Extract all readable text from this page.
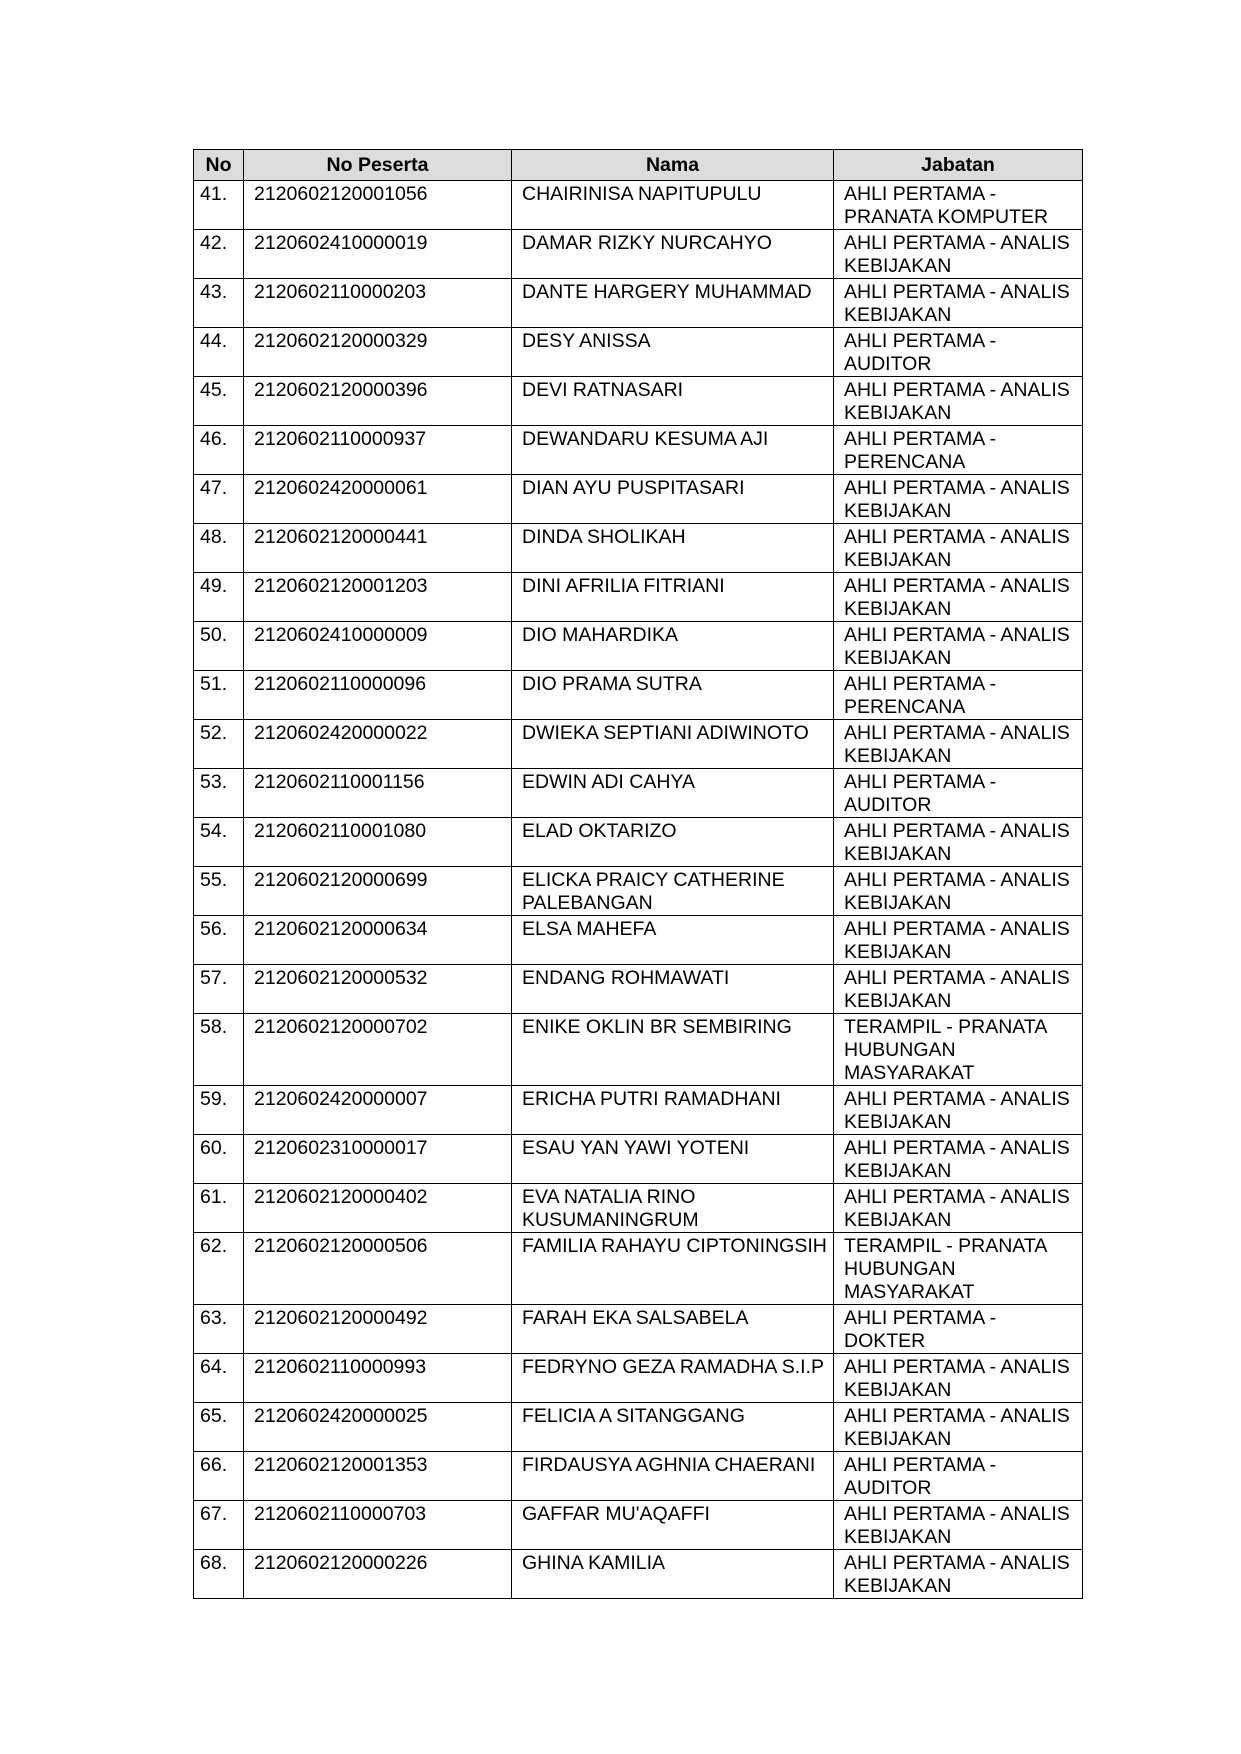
No	No Peserta	Nama	Jabatan
41.	2120602120001056	CHAIRINISA NAPITUPULU	AHLI PERTAMA - PRANATA KOMPUTER
42.	2120602410000019	DAMAR RIZKY NURCAHYO	AHLI PERTAMA - ANALIS KEBIJAKAN
43.	2120602110000203	DANTE HARGERY MUHAMMAD	AHLI PERTAMA - ANALIS KEBIJAKAN
44.	2120602120000329	DESY ANISSA	AHLI PERTAMA - AUDITOR
45.	2120602120000396	DEVI RATNASARI	AHLI PERTAMA - ANALIS KEBIJAKAN
46.	2120602110000937	DEWANDARU KESUMA AJI	AHLI PERTAMA - PERENCANA
47.	2120602420000061	DIAN AYU PUSPITASARI	AHLI PERTAMA - ANALIS KEBIJAKAN
48.	2120602120000441	DINDA SHOLIKAH	AHLI PERTAMA - ANALIS KEBIJAKAN
49.	2120602120001203	DINI AFRILIA FITRIANI	AHLI PERTAMA - ANALIS KEBIJAKAN
50.	2120602410000009	DIO MAHARDIKA	AHLI PERTAMA - ANALIS KEBIJAKAN
51.	2120602110000096	DIO PRAMA SUTRA	AHLI PERTAMA - PERENCANA
52.	2120602420000022	DWIEKA SEPTIANI ADIWINOTO	AHLI PERTAMA - ANALIS KEBIJAKAN
53.	2120602110001156	EDWIN ADI CAHYA	AHLI PERTAMA - AUDITOR
54.	2120602110001080	ELAD OKTARIZO	AHLI PERTAMA - ANALIS KEBIJAKAN
55.	2120602120000699	ELICKA PRAICY CATHERINE PALEBANGAN	AHLI PERTAMA - ANALIS KEBIJAKAN
56.	2120602120000634	ELSA MAHEFA	AHLI PERTAMA - ANALIS KEBIJAKAN
57.	2120602120000532	ENDANG ROHMAWATI	AHLI PERTAMA - ANALIS KEBIJAKAN
58.	2120602120000702	ENIKE OKLIN BR SEMBIRING	TERAMPIL - PRANATA HUBUNGAN MASYARAKAT
59.	2120602420000007	ERICHA PUTRI RAMADHANI	AHLI PERTAMA - ANALIS KEBIJAKAN
60.	2120602310000017	ESAU YAN YAWI YOTENI	AHLI PERTAMA - ANALIS KEBIJAKAN
61.	2120602120000402	EVA NATALIA RINO KUSUMANINGRUM	AHLI PERTAMA - ANALIS KEBIJAKAN
62.	2120602120000506	FAMILIA RAHAYU CIPTONINGSIH	TERAMPIL - PRANATA HUBUNGAN MASYARAKAT
63.	2120602120000492	FARAH EKA SALSABELA	AHLI PERTAMA - DOKTER
64.	2120602110000993	FEDRYNO GEZA RAMADHA S.I.P	AHLI PERTAMA - ANALIS KEBIJAKAN
65.	2120602420000025	FELICIA A SITANGGANG	AHLI PERTAMA - ANALIS KEBIJAKAN
66.	2120602120001353	FIRDAUSYA AGHNIA CHAERANI	AHLI PERTAMA - AUDITOR
67.	2120602110000703	GAFFAR MU'AQAFFI	AHLI PERTAMA - ANALIS KEBIJAKAN
68.	2120602120000226	GHINA KAMILIA	AHLI PERTAMA - ANALIS KEBIJAKAN
